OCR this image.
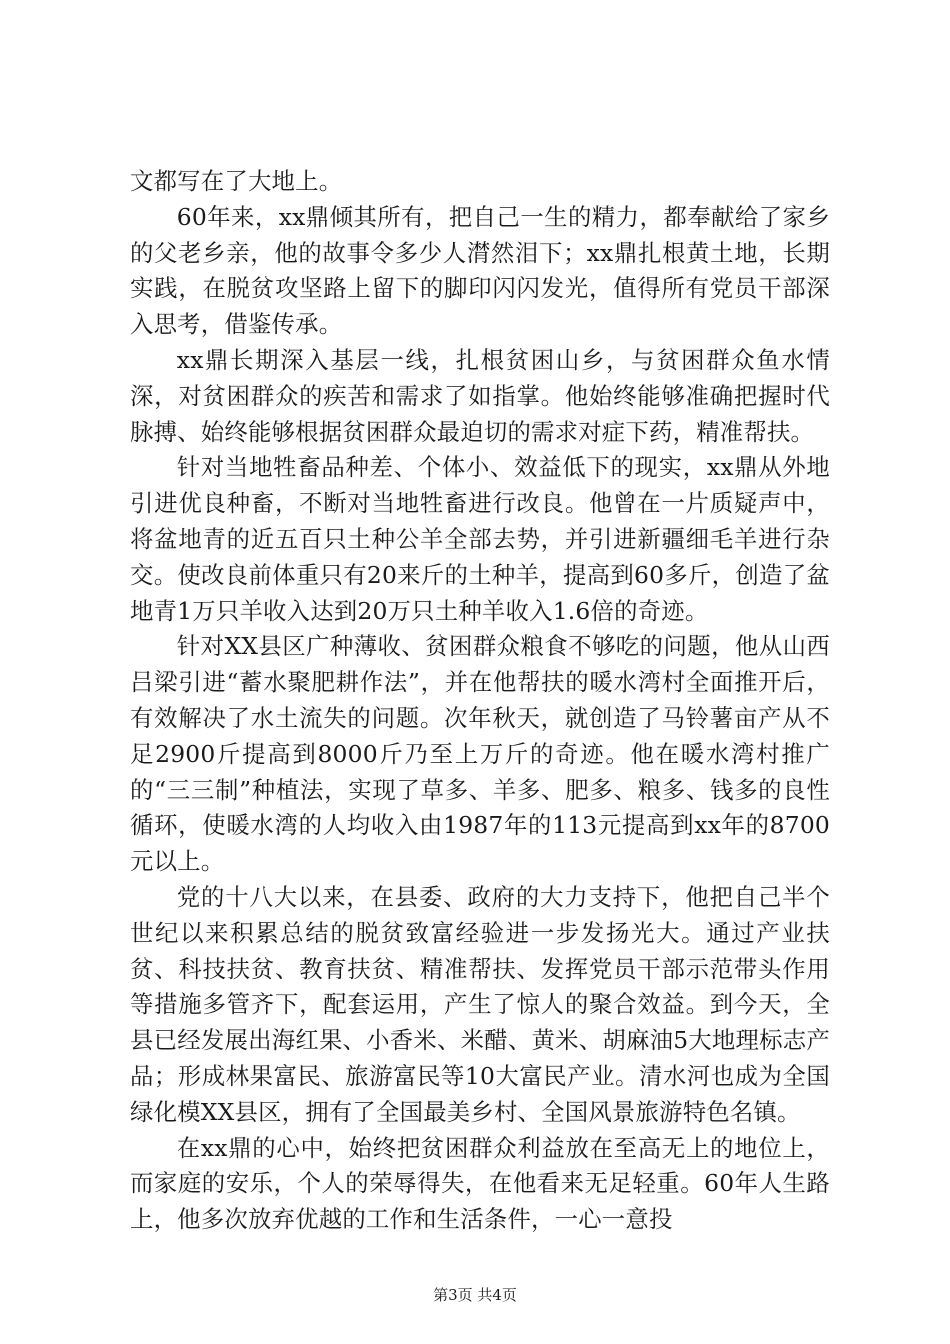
文都写在了大地上。

60年来，xx鼎倾其所有，把自己一生的精力，都奉献给了家乡的父老乡亲，他的故事令多少人潸然泪下；xx鼎扎根黄土地，长期实践，在脱贫攻坚路上留下的脚印闪闪发光，值得所有党员干部深入思考，借鉴传承。

xx鼎长期深入基层一线，扎根贫困山乡，与贫困群众鱼水情深，对贫困群众的疾苦和需求了如指掌。他始终能够准确把握时代脉搏、始终能够根据贫困群众最迫切的需求对症下药，精准帮扶。

针对当地牲畜品种差、个体小、效益低下的现实，xx鼎从外地引进优良种畜，不断对当地牲畜进行改良。他曾在一片质疑声中，将盆地青的近五百只土种公羊全部去势，并引进新疆细毛羊进行杂交。使改良前体重只有20来斤的土种羊，提高到60多斤，创造了盆地青1万只羊收入达到20万只土种羊收入1.6倍的奇迹。

针对XX县区广种薄收、贫困群众粮食不够吃的问题，他从山西吕梁引进“蓄水聚肥耕作法”，并在他帮扶的暖水湾村全面推开后，有效解决了水土流失的问题。次年秋天，就创造了马铃薯亩产从不足2900斤提高到8000斤乃至上万斤的奇迹。他在暖水湾村推广的“三三制”种植法，实现了草多、羊多、肥多、粮多、钱多的良性循环，使暖水湾的人均收入由1987年的113元提高到xx年的8700元以上。

党的十八大以来，在县委、政府的大力支持下，他把自己半个世纪以来积累总结的脱贫致富经验进一步发扬光大。通过产业扶贫、科技扶贫、教育扶贫、精准帮扶、发挥党员干部示范带头作用等措施多管齐下，配套运用，产生了惊人的聚合效益。到今天，全县已经发展出海红果、小香米、米醋、黄米、胡麻油5大地理标志产品；形成林果富民、旅游富民等10大富民产业。清水河也成为全国绿化模XX县区，拥有了全国最美乡村、全国风景旅游特色名镇。

在xx鼎的心中，始终把贫困群众利益放在至高无上的地位上，而家庭的安乐，个人的荣辱得失，在他看来无足轻重。60年人生路上，他多次放弃优越的工作和生活条件，一心一意投

第3页 共4页
